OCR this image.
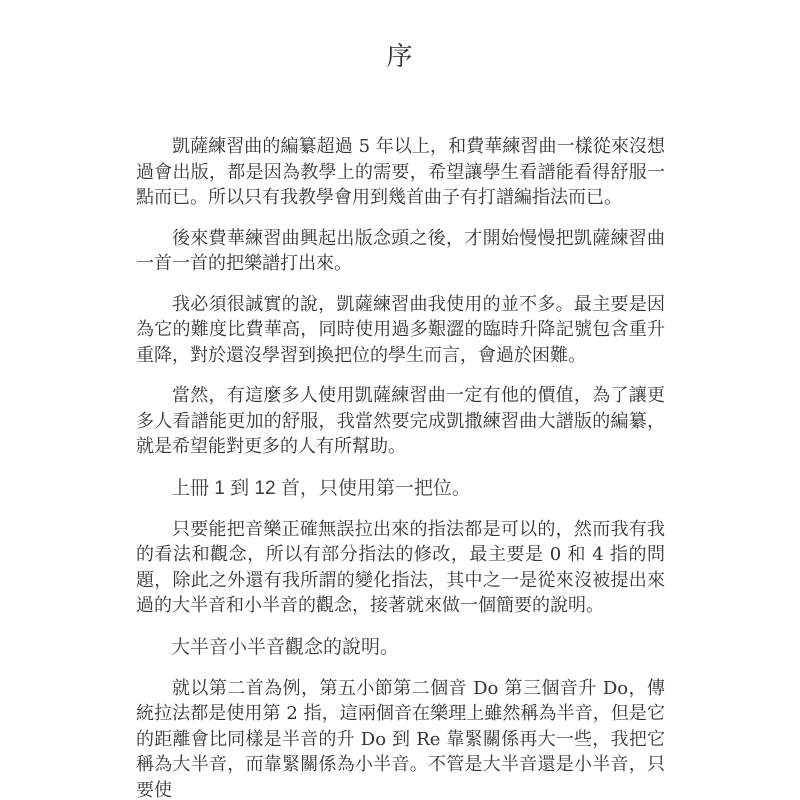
序

凱薩練習曲的編纂超過 5 年以上，和費華練習曲一樣從來沒想過會出版，都是因為教學上的需要，希望讓學生看譜能看得舒服一點而已。所以只有我教學會用到幾首曲子有打譜編指法而已。

後來費華練習曲興起出版念頭之後，才開始慢慢把凱薩練習曲一首一首的把樂譜打出來。

我必須很誠實的說，凱薩練習曲我使用的並不多。最主要是因為它的難度比費華高，同時使用過多艱澀的臨時升降記號包含重升重降，對於還沒學習到換把位的學生而言，會過於困難。

當然，有這麼多人使用凱薩練習曲一定有他的價值，為了讓更多人看譜能更加的舒服，我當然要完成凱撒練習曲大譜版的編纂，就是希望能對更多的人有所幫助。

上冊 1 到 12 首，只使用第一把位。

只要能把音樂正確無誤拉出來的指法都是可以的，然而我有我的看法和觀念，所以有部分指法的修改，最主要是 0 和 4 指的問題，除此之外還有我所謂的變化指法，其中之一是從來沒被提出來過的大半音和小半音的觀念，接著就來做一個簡要的說明。

大半音小半音觀念的說明。

就以第二首為例，第五小節第二個音 Do 第三個音升 Do，傳統拉法都是使用第 2 指，這兩個音在樂理上雖然稱為半音，但是它的距離會比同樣是半音的升 Do 到 Re 靠緊關係再大一些，我把它稱為大半音，而靠緊關係為小半音。不管是大半音還是小半音，只要使
